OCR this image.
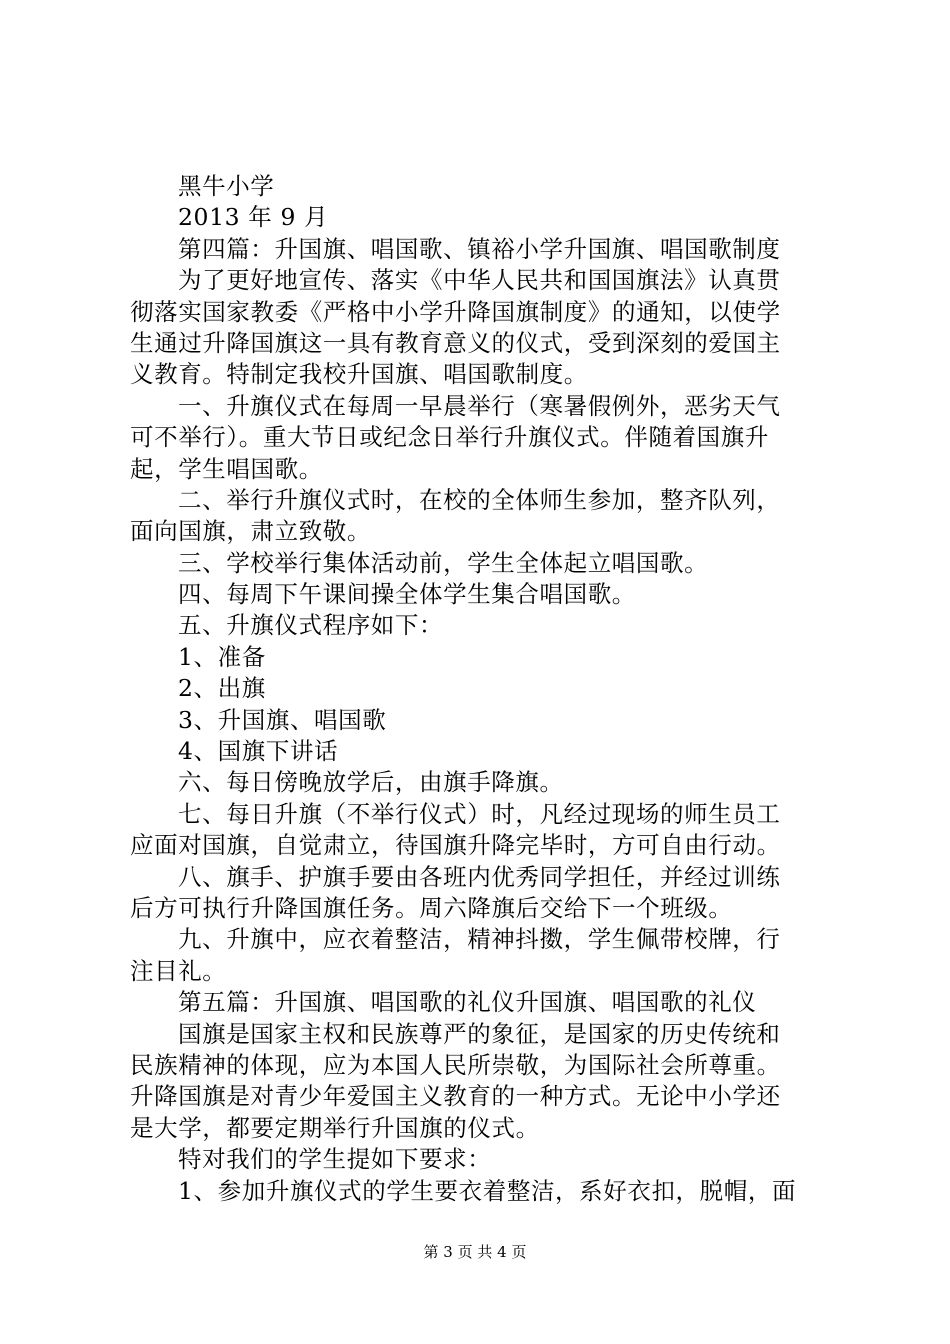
黑牛小学
2013 年 9 月
第四篇：升国旗、唱国歌、镇裕小学升国旗、唱国歌制度
为了更好地宣传、落实《中华人民共和国国旗法》认真贯
彻落实国家教委《严格中小学升降国旗制度》的通知，以使学
生通过升降国旗这一具有教育意义的仪式，受到深刻的爱国主
义教育。特制定我校升国旗、唱国歌制度。
一、升旗仪式在每周一早晨举行（寒暑假例外，恶劣天气
可不举行）。重大节日或纪念日举行升旗仪式。伴随着国旗升
起，学生唱国歌。
二、举行升旗仪式时，在校的全体师生参加，整齐队列，
面向国旗，肃立致敬。
三、学校举行集体活动前，学生全体起立唱国歌。
四、每周下午课间操全体学生集合唱国歌。
五、升旗仪式程序如下：
1、准备
2、出旗
3、升国旗、唱国歌
4、国旗下讲话
六、每日傍晚放学后，由旗手降旗。
七、每日升旗（不举行仪式）时，凡经过现场的师生员工
应面对国旗，自觉肃立，待国旗升降完毕时，方可自由行动。
八、旗手、护旗手要由各班内优秀同学担任，并经过训练
后方可执行升降国旗任务。周六降旗后交给下一个班级。
九、升旗中，应衣着整洁，精神抖擞，学生佩带校牌，行
注目礼。
第五篇：升国旗、唱国歌的礼仪升国旗、唱国歌的礼仪
国旗是国家主权和民族尊严的象征，是国家的历史传统和
民族精神的体现，应为本国人民所崇敬，为国际社会所尊重。
升降国旗是对青少年爱国主义教育的一种方式。无论中小学还
是大学，都要定期举行升国旗的仪式。
特对我们的学生提如下要求：
1、参加升旗仪式的学生要衣着整洁，系好衣扣，脱帽，面
第 3 页 共 4 页
